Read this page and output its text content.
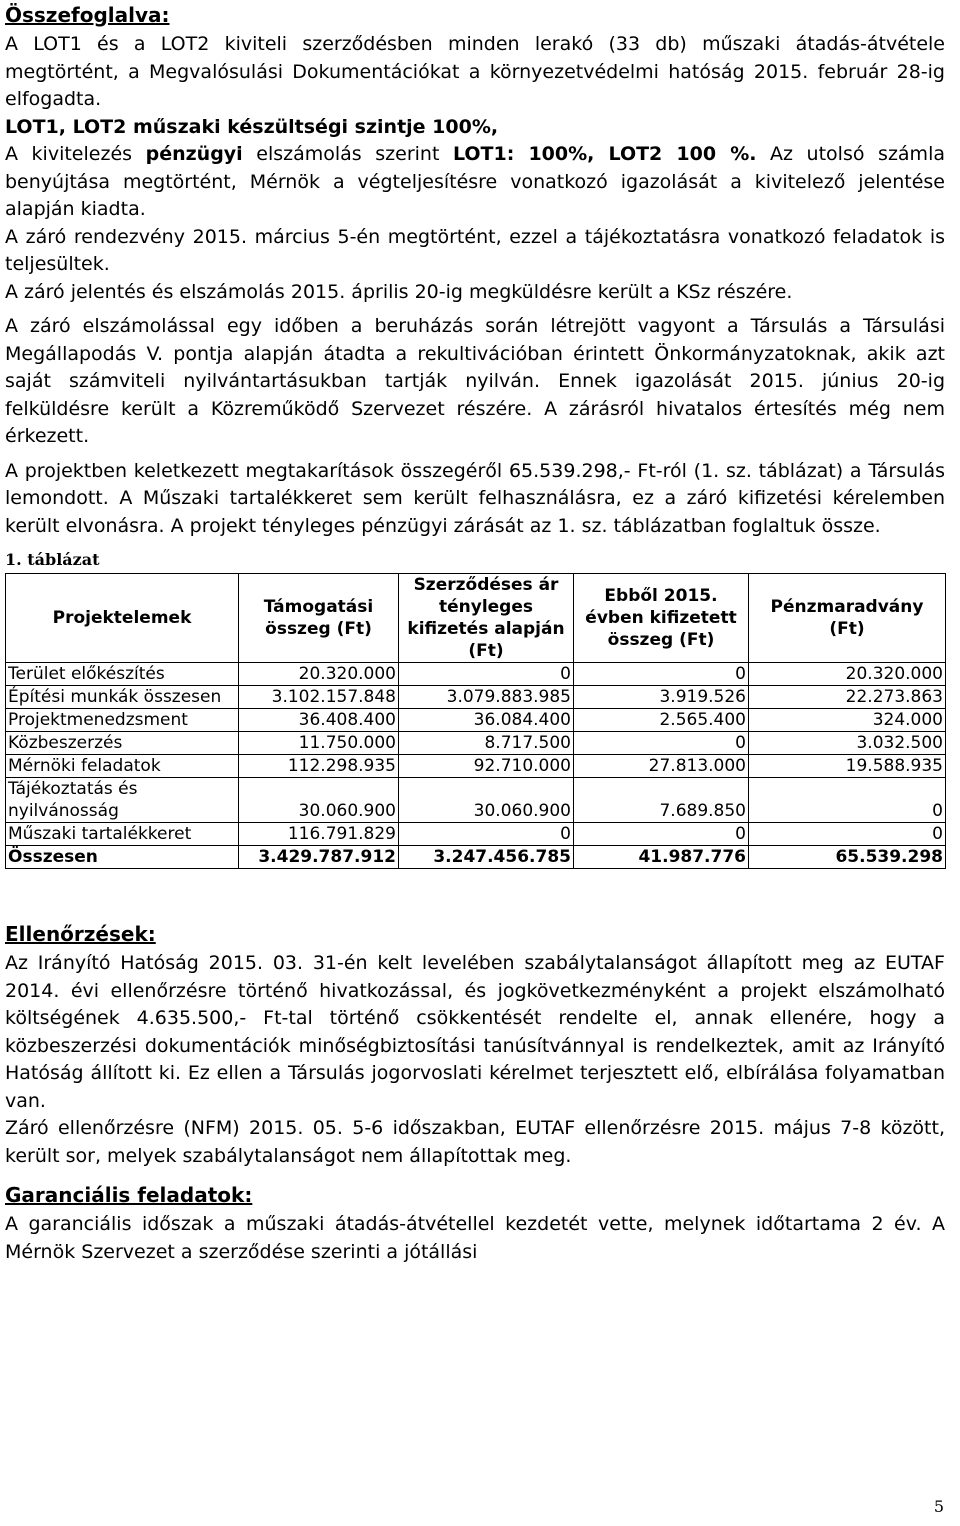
Összefoglalva:

A LOT1 és a LOT2 kiviteli szerződésben minden lerakó (33 db) műszaki átadás-átvétele megtörtént, a Megvalósulási Dokumentációkat a környezetvédelmi hatóság 2015. február 28-ig elfogadta.

LOT1, LOT2 műszaki készültségi szintje 100%,

A kivitelezés pénzügyi elszámolás szerint LOT1: 100%, LOT2 100 %. Az utolsó számla benyújtása megtörtént, Mérnök a végteljesítésre vonatkozó igazolását a kivitelező jelentése alapján kiadta.

A záró rendezvény 2015. március 5-én megtörtént, ezzel a tájékoztatásra vonatkozó feladatok is teljesültek.

A záró jelentés és elszámolás 2015. április 20-ig megküldésre került a KSz részére.

A záró elszámolással egy időben a beruházás során létrejött vagyont a Társulás a Társulási Megállapodás V. pontja alapján átadta a rekultivációban érintett Önkormányzatoknak, akik azt saját számviteli nyilvántartásukban tartják nyilván. Ennek igazolását 2015. június 20-ig felküldésre került a Közreműködő Szervezet részére. A zárásról hivatalos értesítés még nem érkezett.

A projektben keletkezett megtakarítások összegéről 65.539.298,- Ft-ról (1. sz. táblázat) a Társulás lemondott. A Műszaki tartalékkeret sem került felhasználásra, ez a záró kifizetési kérelemben került elvonásra. A projekt tényleges pénzügyi zárását az 1. sz. táblázatban foglaltuk össze.

1. táblázat
Projektelemek	Támogatási összeg (Ft)	Szerződéses ár tényleges kifizetés alapján (Ft)	Ebből 2015. évben kifizetett összeg (Ft)	Pénzmaradvány (Ft)
Terület előkészítés	20.320.000	0	0	20.320.000
Építési munkák összesen	3.102.157.848	3.079.883.985	3.919.526	22.273.863
Projektmenedzsment	36.408.400	36.084.400	2.565.400	324.000
Közbeszerzés	11.750.000	8.717.500	0	3.032.500
Mérnöki feladatok	112.298.935	92.710.000	27.813.000	19.588.935
Tájékoztatás és nyilvánosság	30.060.900	30.060.900	7.689.850	0
Műszaki tartalékkeret	116.791.829	0	0	0
Összesen	3.429.787.912	3.247.456.785	41.987.776	65.539.298
Ellenőrzések:

Az Irányító Hatóság 2015. 03. 31-én kelt levelében szabálytalanságot állapított meg az EUTAF 2014. évi ellenőrzésre történő hivatkozással, és jogkövetkezményként a projekt elszámolható költségének 4.635.500,- Ft-tal történő csökkentését rendelte el, annak ellenére, hogy a közbeszerzési dokumentációk minőségbiztosítási tanúsítvánnyal is rendelkeztek, amit az Irányító Hatóság állított ki. Ez ellen a Társulás jogorvoslati kérelmet terjesztett elő, elbírálása folyamatban van.

Záró ellenőrzésre (NFM) 2015. 05. 5-6 időszakban, EUTAF ellenőrzésre 2015. május 7-8 között, került sor, melyek szabálytalanságot nem állapítottak meg.

Garanciális feladatok:

A garanciális időszak a műszaki átadás-átvétellel kezdetét vette, melynek időtartama 2 év. A Mérnök Szervezet a szerződése szerinti a jótállási

5
